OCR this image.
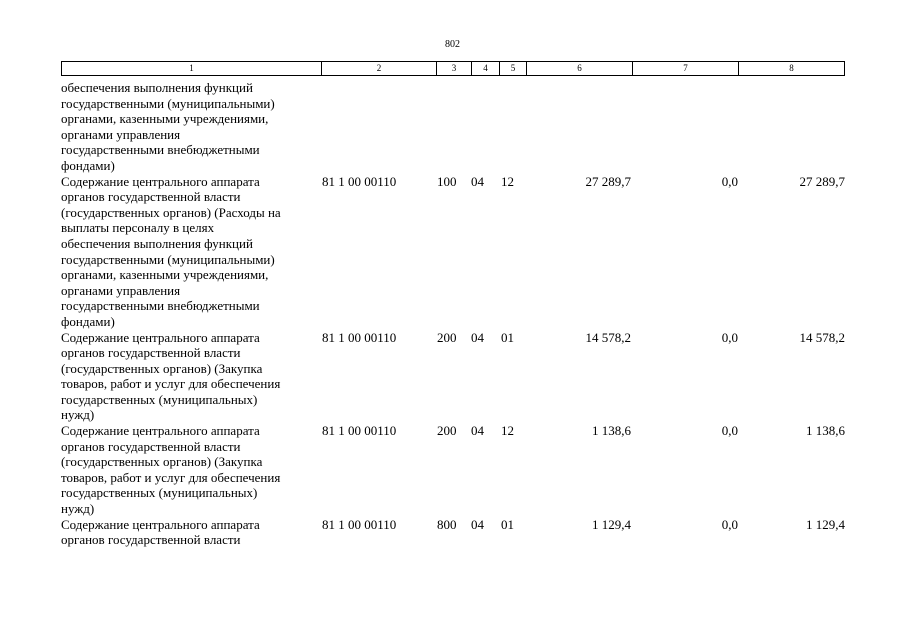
802
1	2	3	4	5	6	7	8
обеспечения выполнения функций
государственными (муниципальными)
органами, казенными учреждениями,
органами управления
государственными внебюджетными
фондами)
Содержание центрального аппарата
органов государственной власти
(государственных органов) (Расходы на
выплаты персоналу в целях
обеспечения выполнения функций
государственными (муниципальными)
органами, казенными учреждениями,
органами управления
государственными внебюджетными
фондами)
81 1 00 00110	100 04 12	27 289,7	0,0	27 289,7
Содержание центрального аппарата
органов государственной власти
(государственных органов) (Закупка
товаров, работ и услуг для обеспечения
государственных (муниципальных)
нужд)
81 1 00 00110	200 04 01	14 578,2	0,0	14 578,2
Содержание центрального аппарата
органов государственной власти
(государственных органов) (Закупка
товаров, работ и услуг для обеспечения
государственных (муниципальных)
нужд)
81 1 00 00110	200 04 12	1 138,6	0,0	1 138,6
Содержание центрального аппарата
органов государственной власти
81 1 00 00110	800 04 01	1 129,4	0,0	1 129,4
